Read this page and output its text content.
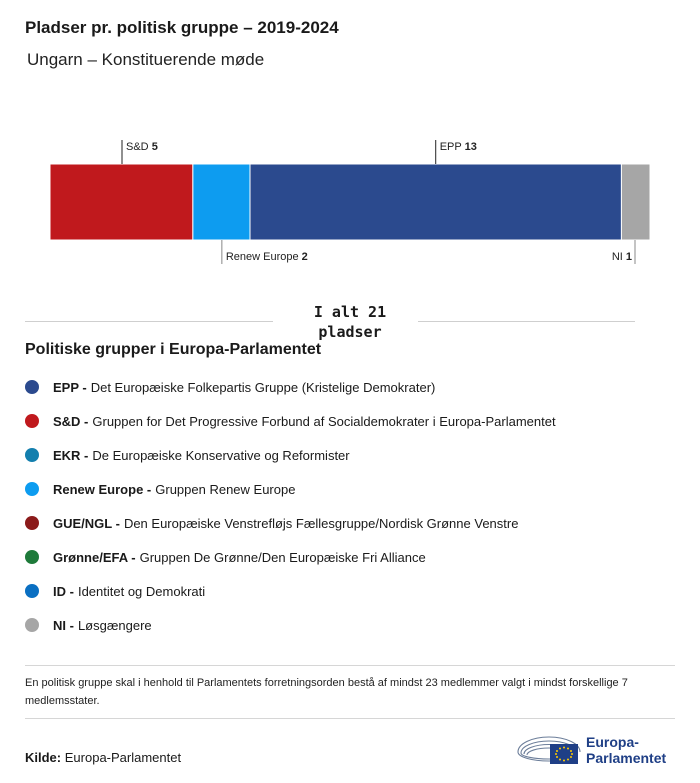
Pladser pr. politisk gruppe – 2019-2024
Ungarn – Konstituerende møde
S&D 5
Renew Europe 2
EPP 13
NI 1
I alt 21 pladser
Politiske grupper i Europa-Parlamentet
EPP - Det Europæiske Folkepartis Gruppe (Kristelige Demokrater)
S&D - Gruppen for Det Progressive Forbund af Socialdemokrater i Europa-Parlamentet
EKR - De Europæiske Konservative og Reformister
Renew Europe - Gruppen Renew Europe
GUE/NGL - Den Europæiske Venstrefløjs Fællesgruppe/Nordisk Grønne Venstre
Grønne/EFA - Gruppen De Grønne/Den Europæiske Fri Alliance
ID - Identitet og Demokrati
NI - Løsgængere
En politisk gruppe skal i henhold til Parlamentets forretningsorden bestå af mindst 23 medlemmer valgt i mindst forskellige 7 medlemsstater.
Kilde: Europa-Parlamentet
Europa-
Parlamentet
